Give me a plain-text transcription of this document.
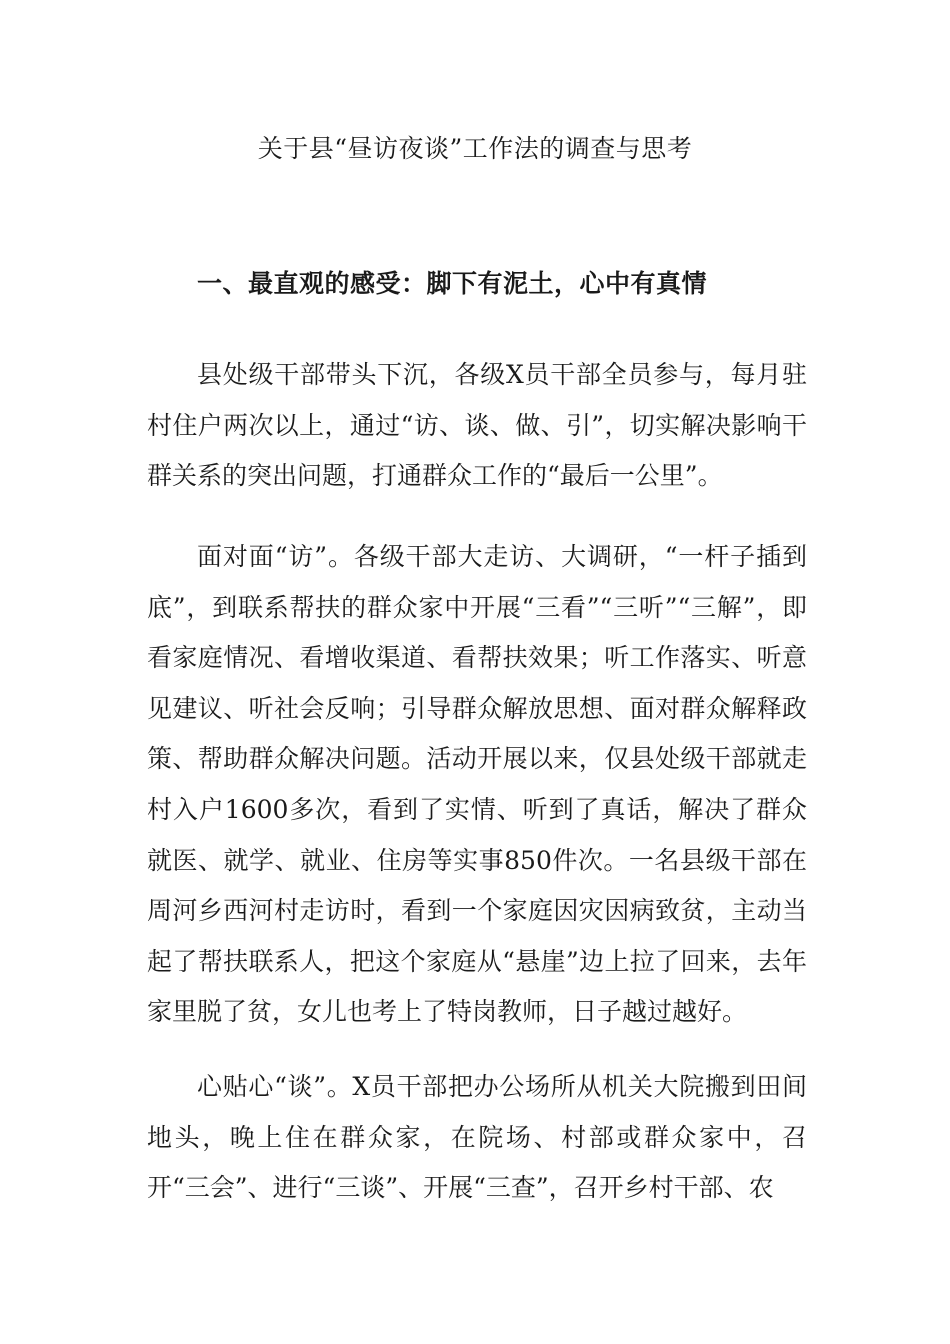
关于县“昼访夜谈”工作法的调查与思考
一、最直观的感受：脚下有泥土，心中有真情

县处级干部带头下沉，各级X员干部全员参与，每月驻村住户两次以上，通过“访、谈、做、引”，切实解决影响干群关系的突出问题，打通群众工作的“最后一公里”。

面对面“访”。各级干部大走访、大调研，“一杆子插到底”，到联系帮扶的群众家中开展“三看”“三听”“三解”，即看家庭情况、看增收渠道、看帮扶效果；听工作落实、听意见建议、听社会反响；引导群众解放思想、面对群众解释政策、帮助群众解决问题。活动开展以来，仅县处级干部就走村入户1600多次，看到了实情、听到了真话，解决了群众就医、就学、就业、住房等实事850件次。一名县级干部在周河乡西河村走访时，看到一个家庭因灾因病致贫，主动当起了帮扶联系人，把这个家庭从“悬崖”边上拉了回来，去年家里脱了贫，女儿也考上了特岗教师，日子越过越好。

心贴心“谈”。X员干部把办公场所从机关大院搬到田间地头，晚上住在群众家，在院场、村部或群众家中，召开“三会”、进行“三谈”、开展“三查”，召开乡村干部、农
